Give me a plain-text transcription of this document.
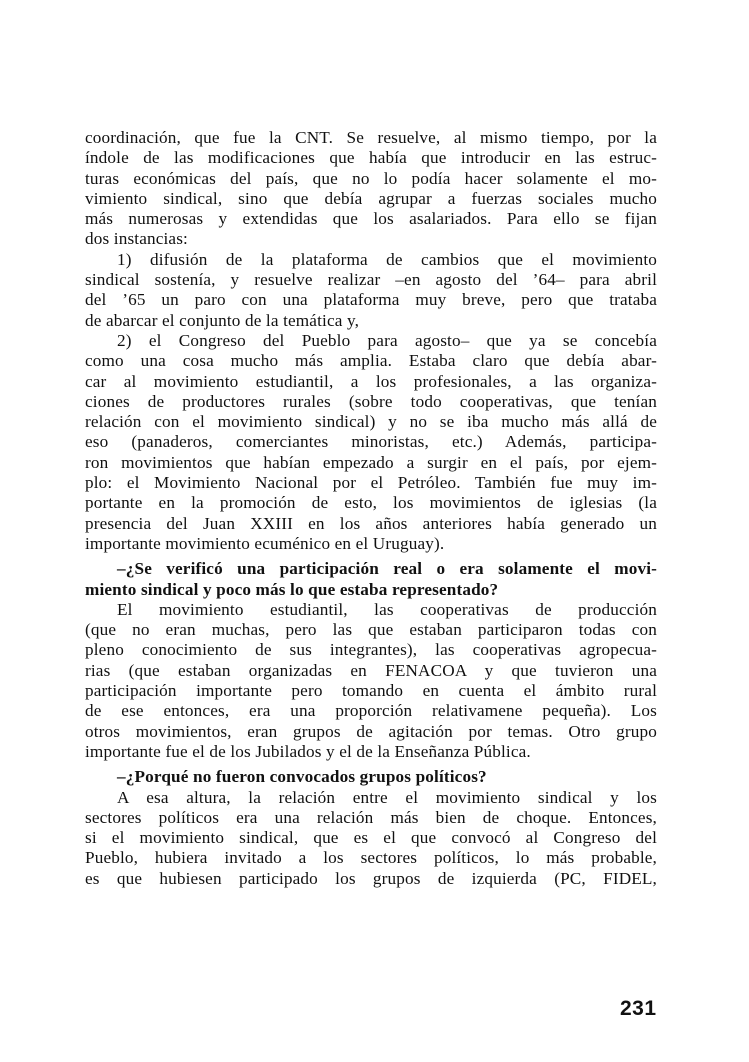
coordinación, que fue la CNT. Se resuelve, al mismo tiempo, por la
índole de las modificaciones que había que introducir en las estruc-
turas económicas del país, que no lo podía hacer solamente el mo-
vimiento sindical, sino que debía agrupar a fuerzas sociales mucho
más numerosas y extendidas que los asalariados. Para ello se fijan
dos instancias:
1) difusión de la plataforma de cambios que el movimiento
sindical sostenía, y resuelve realizar –en agosto del ’64– para abril
del ’65 un paro con una plataforma muy breve, pero que trataba
de abarcar el conjunto de la temática y,
2) el Congreso del Pueblo para agosto– que ya se concebía
como una cosa mucho más amplia. Estaba claro que debía abar-
car al movimiento estudiantil, a los profesionales, a las organiza-
ciones de productores rurales (sobre todo cooperativas, que tenían
relación con el movimiento sindical) y no se iba mucho más allá de
eso (panaderos, comerciantes minoristas, etc.) Además, participa-
ron movimientos que habían empezado a surgir en el país, por ejem-
plo: el Movimiento Nacional por el Petróleo. También fue muy im-
portante en la promoción de esto, los movimientos de iglesias (la
presencia del Juan XXIII en los años anteriores había generado un
importante movimiento ecuménico en el Uruguay).
–¿Se verificó una participación real o era solamente el movi-
miento sindical y poco más lo que estaba representado?
El movimiento estudiantil, las cooperativas de producción
(que no eran muchas, pero las que estaban participaron todas con
pleno conocimiento de sus integrantes), las cooperativas agropecua-
rias (que estaban organizadas en FENACOA y que tuvieron una
participación importante pero tomando en cuenta el ámbito rural
de ese entonces, era una proporción relativamene pequeña). Los
otros movimientos, eran grupos de agitación por temas. Otro grupo
importante fue el de los Jubilados y el de la Enseñanza Pública.
–¿Porqué no fueron convocados grupos políticos?
A esa altura, la relación entre el movimiento sindical y los
sectores políticos era una relación más bien de choque. Entonces,
si el movimiento sindical, que es el que convocó al Congreso del
Pueblo, hubiera invitado a los sectores políticos, lo más probable,
es que hubiesen participado los grupos de izquierda (PC, FIDEL,
231
